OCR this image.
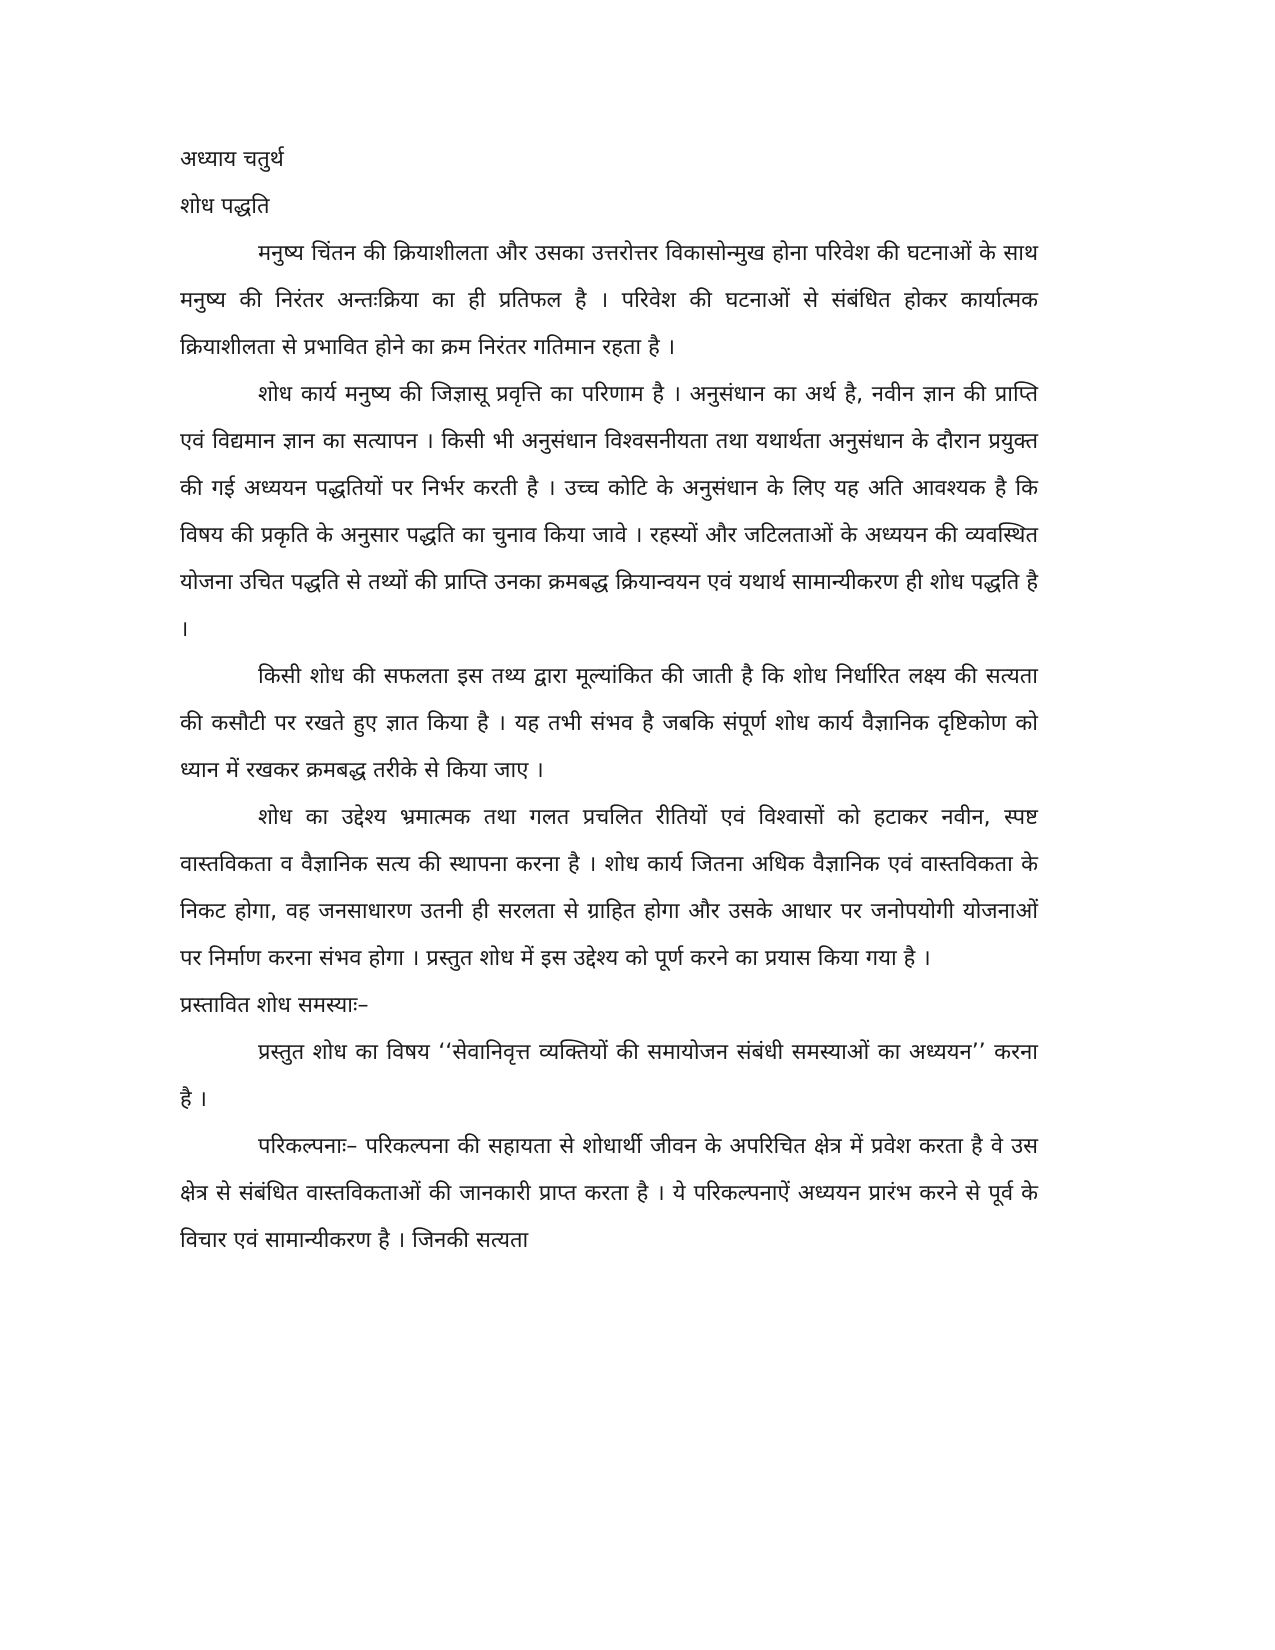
अध्याय चतुर्थ

शोध पद्धति

मनुष्य चिंतन की क्रियाशीलता और उसका उत्तरोत्तर विकासोन्मुख होना परिवेश की घटनाओं के साथ मनुष्य की निरंतर अन्तःक्रिया का ही प्रतिफल है । परिवेश की घटनाओं से संबंधित होकर कार्यात्मक क्रियाशीलता से प्रभावित होने का क्रम निरंतर गतिमान रहता है ।

शोध कार्य मनुष्य की जिज्ञासू प्रवृत्ति का परिणाम है । अनुसंधान का अर्थ है, नवीन ज्ञान की प्राप्ति एवं विद्यमान ज्ञान का सत्यापन । किसी भी अनुसंधान विश्वसनीयता तथा यथार्थता अनुसंधान के दौरान प्रयुक्त की गई अध्ययन पद्धतियों पर निर्भर करती है । उच्च कोटि के अनुसंधान के लिए यह अति आवश्यक है कि विषय की प्रकृति के अनुसार पद्धति का चुनाव किया जावे । रहस्यों और जटिलताओं के अध्ययन की व्यवस्थित योजना उचित पद्धति से तथ्यों की प्राप्ति उनका क्रमबद्ध क्रियान्वयन एवं यथार्थ सामान्यीकरण ही शोध पद्धति है ।

किसी शोध की सफलता इस तथ्य द्वारा मूल्यांकित की जाती है कि शोध निर्धारित लक्ष्य की सत्यता की कसौटी पर रखते हुए ज्ञात किया है । यह तभी संभव है जबकि संपूर्ण शोध कार्य वैज्ञानिक दृष्टिकोण को ध्यान में रखकर क्रमबद्ध तरीके से किया जाए ।

शोध का उद्देश्य भ्रमात्मक तथा गलत प्रचलित रीतियों एवं विश्वासों को हटाकर नवीन, स्पष्ट वास्तविकता व वैज्ञानिक सत्य की स्थापना करना है । शोध कार्य जितना अधिक वैज्ञानिक एवं वास्तविकता के निकट होगा, वह जनसाधारण उतनी ही सरलता से ग्राहित होगा और उसके आधार पर जनोपयोगी योजनाओं पर निर्माण करना संभव होगा । प्रस्तुत शोध में इस उद्देश्य को पूर्ण करने का प्रयास किया गया है ।

प्रस्तावित शोध समस्याः–

प्रस्तुत शोध का विषय ‘‘सेवानिवृत्त व्यक्तियों की समायोजन संबंधी समस्याओं का अध्ययन’’ करना है ।

परिकल्पनाः– परिकल्पना की सहायता से शोधार्थी जीवन के अपरिचित क्षेत्र में प्रवेश करता है वे उस क्षेत्र से संबंधित वास्तविकताओं की जानकारी प्राप्त करता है । ये परिकल्पनाऐं अध्ययन प्रारंभ करने से पूर्व के विचार एवं सामान्यीकरण है । जिनकी सत्यता
